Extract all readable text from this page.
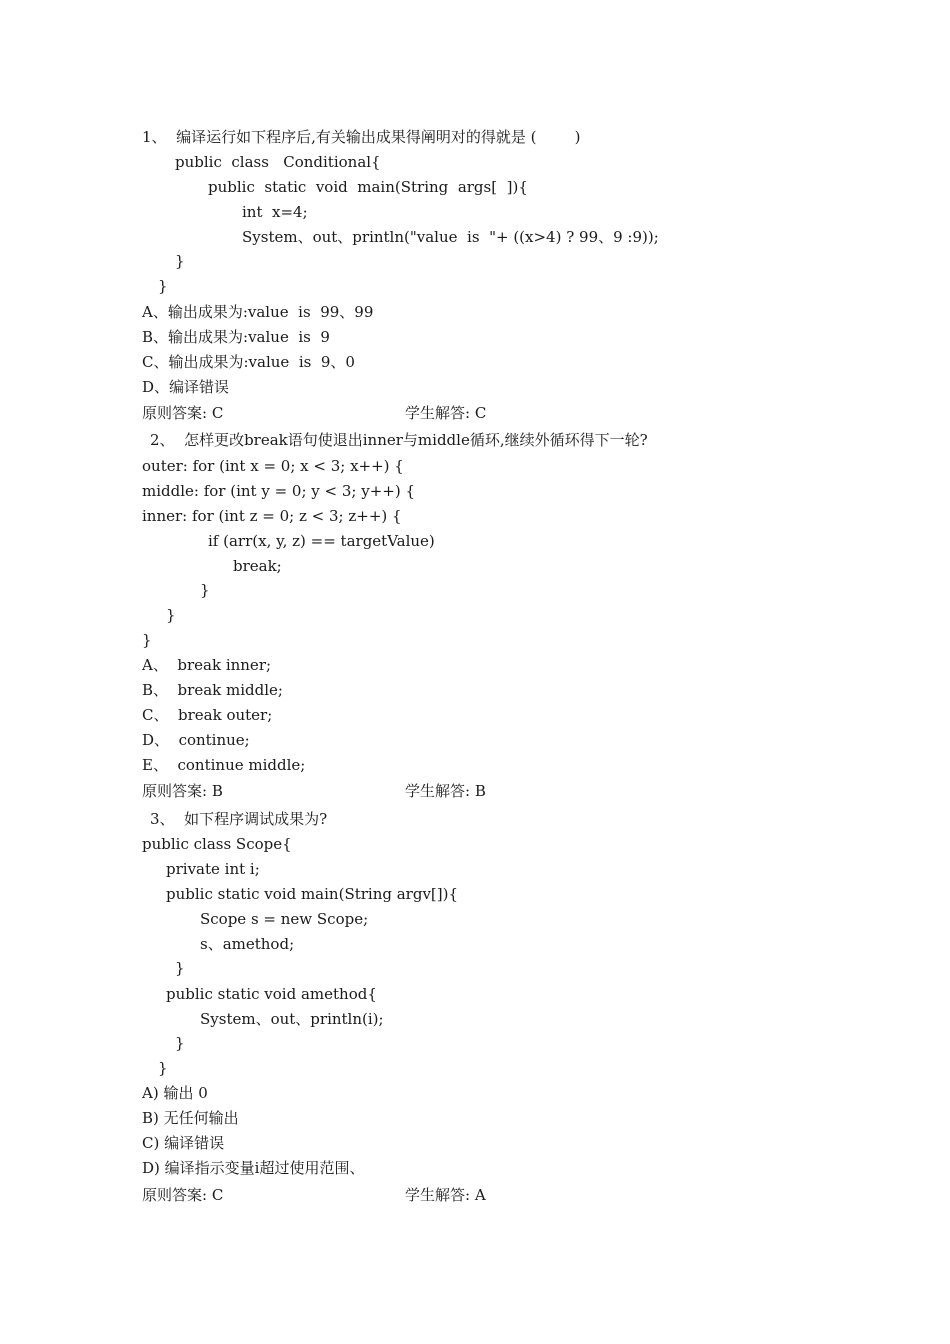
1、  编译运行如下程序后,有关输出成果得阐明对的得就是 (        )
public  class   Conditional{
public  static  void  main(String  args[  ]){
int  x=4;
System、out、println("value  is  "+ ((x>4) ? 99、9 :9));
}
}
A、输出成果为:value  is  99、99
B、输出成果为:value  is  9
C、输出成果为:value  is  9、0
D、编译错误

原则答案: C

	学生解答: C

2、  怎样更改break语句使退出inner与middle循环,继续外循环得下一轮?
outer: for (int x = 0; x < 3; x++) {
middle: for (int y = 0; y < 3; y++) {
inner: for (int z = 0; z < 3; z++) {
if (arr(x, y, z) == targetValue)
break;
}
}
}
A、  break inner;
B、  break middle;
C、  break outer;
D、  continue;
E、  continue middle;

原则答案: B

	学生解答: B

3、  如下程序调试成果为?
public class Scope{
private int i;
public static void main(String argv[]){
Scope s = new Scope;
s、amethod;
}
public static void amethod{
System、out、println(i);
}
}
A) 输出 0
B) 无任何输出
C) 编译错误
D) 编译指示变量i超过使用范围、

原则答案: C

	学生解答: A
